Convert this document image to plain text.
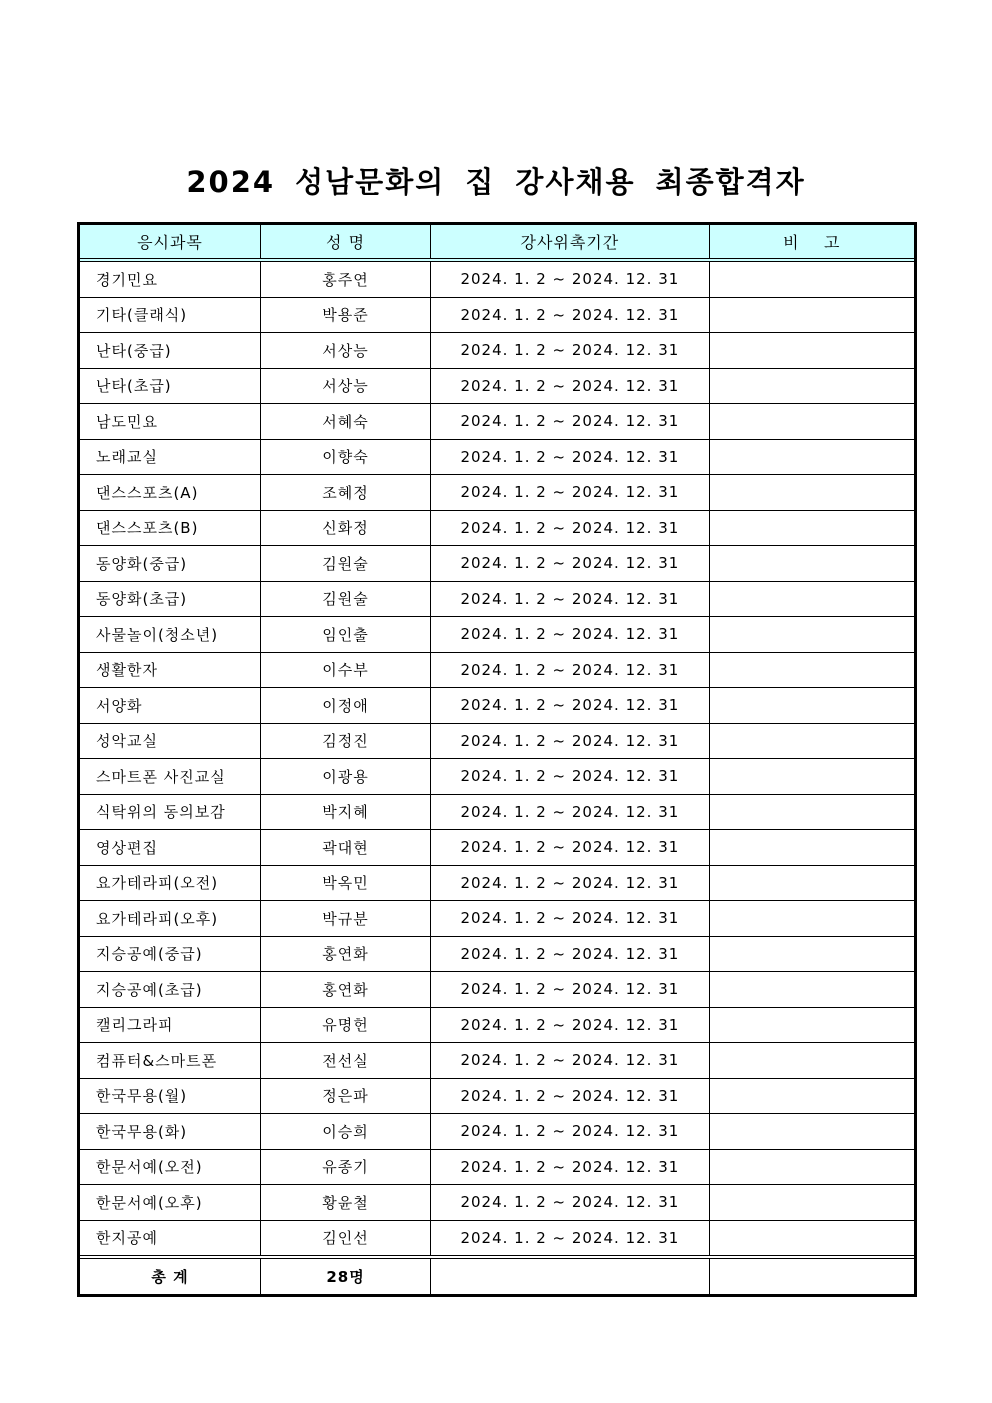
2024 성남문화의 집 강사채용 최종합격자
응시과목	성 명	강사위촉기간	비    고
경기민요	홍주연	2024. 1. 2 ~ 2024. 12. 31
기타(클래식)	박용준	2024. 1. 2 ~ 2024. 12. 31
난타(중급)	서상능	2024. 1. 2 ~ 2024. 12. 31
난타(초급)	서상능	2024. 1. 2 ~ 2024. 12. 31
남도민요	서혜숙	2024. 1. 2 ~ 2024. 12. 31
노래교실	이향숙	2024. 1. 2 ~ 2024. 12. 31
댄스스포츠(A)	조혜정	2024. 1. 2 ~ 2024. 12. 31
댄스스포츠(B)	신화정	2024. 1. 2 ~ 2024. 12. 31
동양화(중급)	김원술	2024. 1. 2 ~ 2024. 12. 31
동양화(초급)	김원술	2024. 1. 2 ~ 2024. 12. 31
사물놀이(청소년)	임인출	2024. 1. 2 ~ 2024. 12. 31
생활한자	이수부	2024. 1. 2 ~ 2024. 12. 31
서양화	이정애	2024. 1. 2 ~ 2024. 12. 31
성악교실	김정진	2024. 1. 2 ~ 2024. 12. 31
스마트폰 사진교실	이광용	2024. 1. 2 ~ 2024. 12. 31
식탁위의 동의보감	박지혜	2024. 1. 2 ~ 2024. 12. 31
영상편집	곽대현	2024. 1. 2 ~ 2024. 12. 31
요가테라피(오전)	박옥민	2024. 1. 2 ~ 2024. 12. 31
요가테라피(오후)	박규분	2024. 1. 2 ~ 2024. 12. 31
지승공예(중급)	홍연화	2024. 1. 2 ~ 2024. 12. 31
지승공예(초급)	홍연화	2024. 1. 2 ~ 2024. 12. 31
캘리그라피	유명헌	2024. 1. 2 ~ 2024. 12. 31
컴퓨터&스마트폰	전선실	2024. 1. 2 ~ 2024. 12. 31
한국무용(월)	정은파	2024. 1. 2 ~ 2024. 12. 31
한국무용(화)	이승희	2024. 1. 2 ~ 2024. 12. 31
한문서예(오전)	유종기	2024. 1. 2 ~ 2024. 12. 31
한문서예(오후)	황윤철	2024. 1. 2 ~ 2024. 12. 31
한지공예	김인선	2024. 1. 2 ~ 2024. 12. 31
총 계	28명
